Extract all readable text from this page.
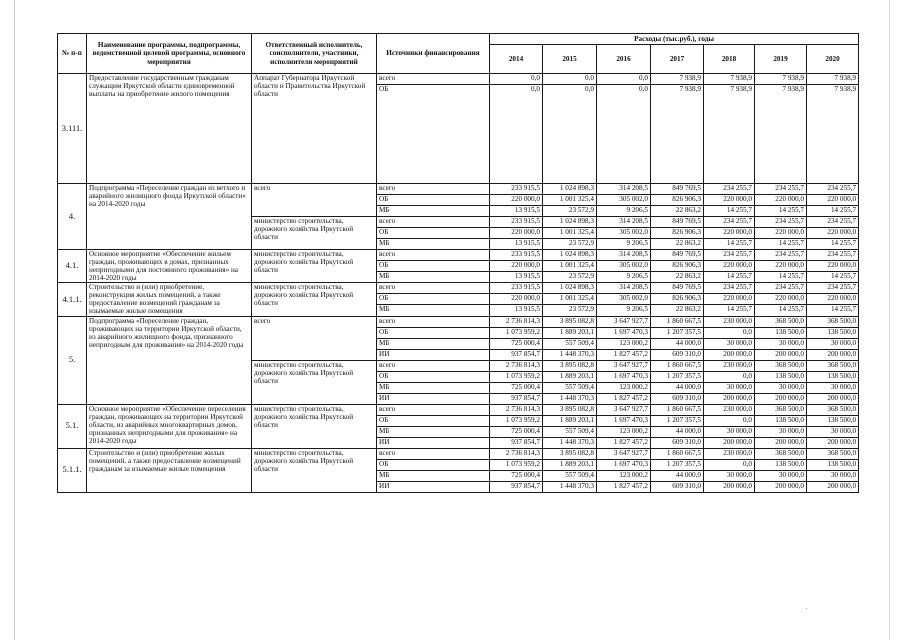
№ п-п	Наименование программы, подпрограммы, ведомственной целевой программы, основного мероприятия	Ответственный исполнитель, соисполнители, участники, исполнители мероприятий	Источники финансирования	Расходы (тыс.руб.), годы						
				2014	2015	2016	2017	2018	2019	2020
3.111.	Предоставление государственным гражданам служащим Иркутской области единовременной выплаты на приобретение жилого помещения	Аппарат Губернатора Иркутской области и Правительства Иркутской области	всего	0,0	0,0	0,0	7 938,9	7 938,9	7 938,9	7 938,9
			ОБ	0,0	0,0	0,0	7 938,9	7 938,9	7 938,9	7 938,9
4.	Подпрограмма «Переселение граждан из ветхого и аварийного жилищного фонда Иркутской области» на 2014-2020 годы	всего	всего	233 915,5	1 024 898,3	314 208,5	849 769,5	234 255,7	234 255,7	234 255,7
			ОБ	220 000,0	1 001 325,4	305 002,0	826 906,3	220 000,0	220 000,0	220 000,0
			МБ	13 915,5	23 572,9	9 206,5	22 863,2	14 255,7	14 255,7	14 255,7
		министерство строительства, дорожного хозяйства Иркутской области	всего	233 915,5	1 024 898,3	314 208,5	849 769,5	234 255,7	234 255,7	234 255,7
			ОБ	220 000,0	1 001 325,4	305 002,0	826 906,3	220 000,0	220 000,0	220 000,0
			МБ	13 915,5	23 572,9	9 206,5	22 863,2	14 255,7	14 255,7	14 255,7
4.1.	Основное мероприятие «Обеспечение жильем граждан, проживающих в домах, признанных непригодными для постоянного проживания» на 2014-2020 годы	министерство строительства, дорожного хозяйства Иркутской области	всего	233 915,5	1 024 898,3	314 208,5	849 769,5	234 255,7	234 255,7	234 255,7
			ОБ	220 000,0	1 001 325,4	305 002,0	826 906,3	220 000,0	220 000,0	220 000,0
			МБ	13 915,5	23 572,9	9 206,5	22 863,2	14 255,7	14 255,7	14 255,7
4.1.1.	Строительство и (или) приобретение, реконструкция жилых помещений, а также предоставление возмещений гражданам за изымаемые жилые помещения	министерство строительства, дорожного хозяйства Иркутской области	всего	233 915,5	1 024 898,3	314 208,5	849 769,5	234 255,7	234 255,7	234 255,7
			ОБ	220 000,0	1 001 325,4	305 002,0	826 906,3	220 000,0	220 000,0	220 000,0
			МБ	13 915,5	23 572,9	9 206,5	22 863,2	14 255,7	14 255,7	14 255,7
5.	Подпрограмма «Переселение граждан, проживающих на территории Иркутской области, из аварийного жилищного фонда, признанного непригодным для проживания» на 2014-2020 годы	всего	всего	2 736 814,3	3 895 082,8	3 647 927,7	1 860 667,5	230 000,0	368 500,0	368 500,0
			ОБ	1 073 959,2	1 889 203,1	1 697 470,3	1 207 357,5	0,0	138 500,0	138 500,0
			МБ	725 000,4	557 509,4	123 000,2	44 000,0	30 000,0	30 000,0	30 000,0
			ИИ	937 854,7	1 448 370,3	1 827 457,2	609 310,0	200 000,0	200 000,0	200 000,0
		министерство строительства, дорожного хозяйства Иркутской области	всего	2 736 814,3	3 895 082,8	3 647 927,7	1 860 667,5	230 000,0	368 500,0	368 500,0
			ОБ	1 073 959,2	1 889 203,1	1 697 470,3	1 207 357,5	0,0	138 500,0	138 500,0
			МБ	725 000,4	557 509,4	123 000,2	44 000,0	30 000,0	30 000,0	30 000,0
			ИИ	937 854,7	1 448 370,3	1 827 457,2	609 310,0	200 000,0	200 000,0	200 000,0
5.1.	Основное мероприятие «Обеспечение переселения граждан, проживающих на территории Иркутской области, из аварийных многоквартирных домов, признанных непригодными для проживания» на 2014-2020 годы	министерство строительства, дорожного хозяйства Иркутской области	всего	2 736 814,3	3 895 082,8	3 647 927,7	1 860 667,5	230 000,0	368 500,0	368 500,0
			ОБ	1 073 959,2	1 889 203,1	1 697 470,3	1 207 357,5	0,0	138 500,0	138 500,0
			МБ	725 000,4	557 509,4	123 000,2	44 000,0	30 000,0	30 000,0	30 000,0
			ИИ	937 854,7	1 448 370,3	1 827 457,2	609 310,0	200 000,0	200 000,0	200 000,0
5.1.1.	Строительство и (или) приобретение жилых помещений, а также предоставление возмещений гражданам за изымаемые жилые помещения	министерство строительства, дорожного хозяйства Иркутской области	всего	2 736 814,3	3 895 082,8	3 647 927,7	1 860 667,5	230 000,0	368 500,0	368 500,0
			ОБ	1 073 959,2	1 889 203,1	1 697 470,3	1 207 357,5	0,0	138 500,0	138 500,0
			МБ	725 000,4	557 509,4	123 000,2	44 000,0	30 000,0	30 000,0	30 000,0
			ИИ	937 854,7	1 448 370,3	1 827 457,2	609 310,0	200 000,0	200 000,0	200 000,0
